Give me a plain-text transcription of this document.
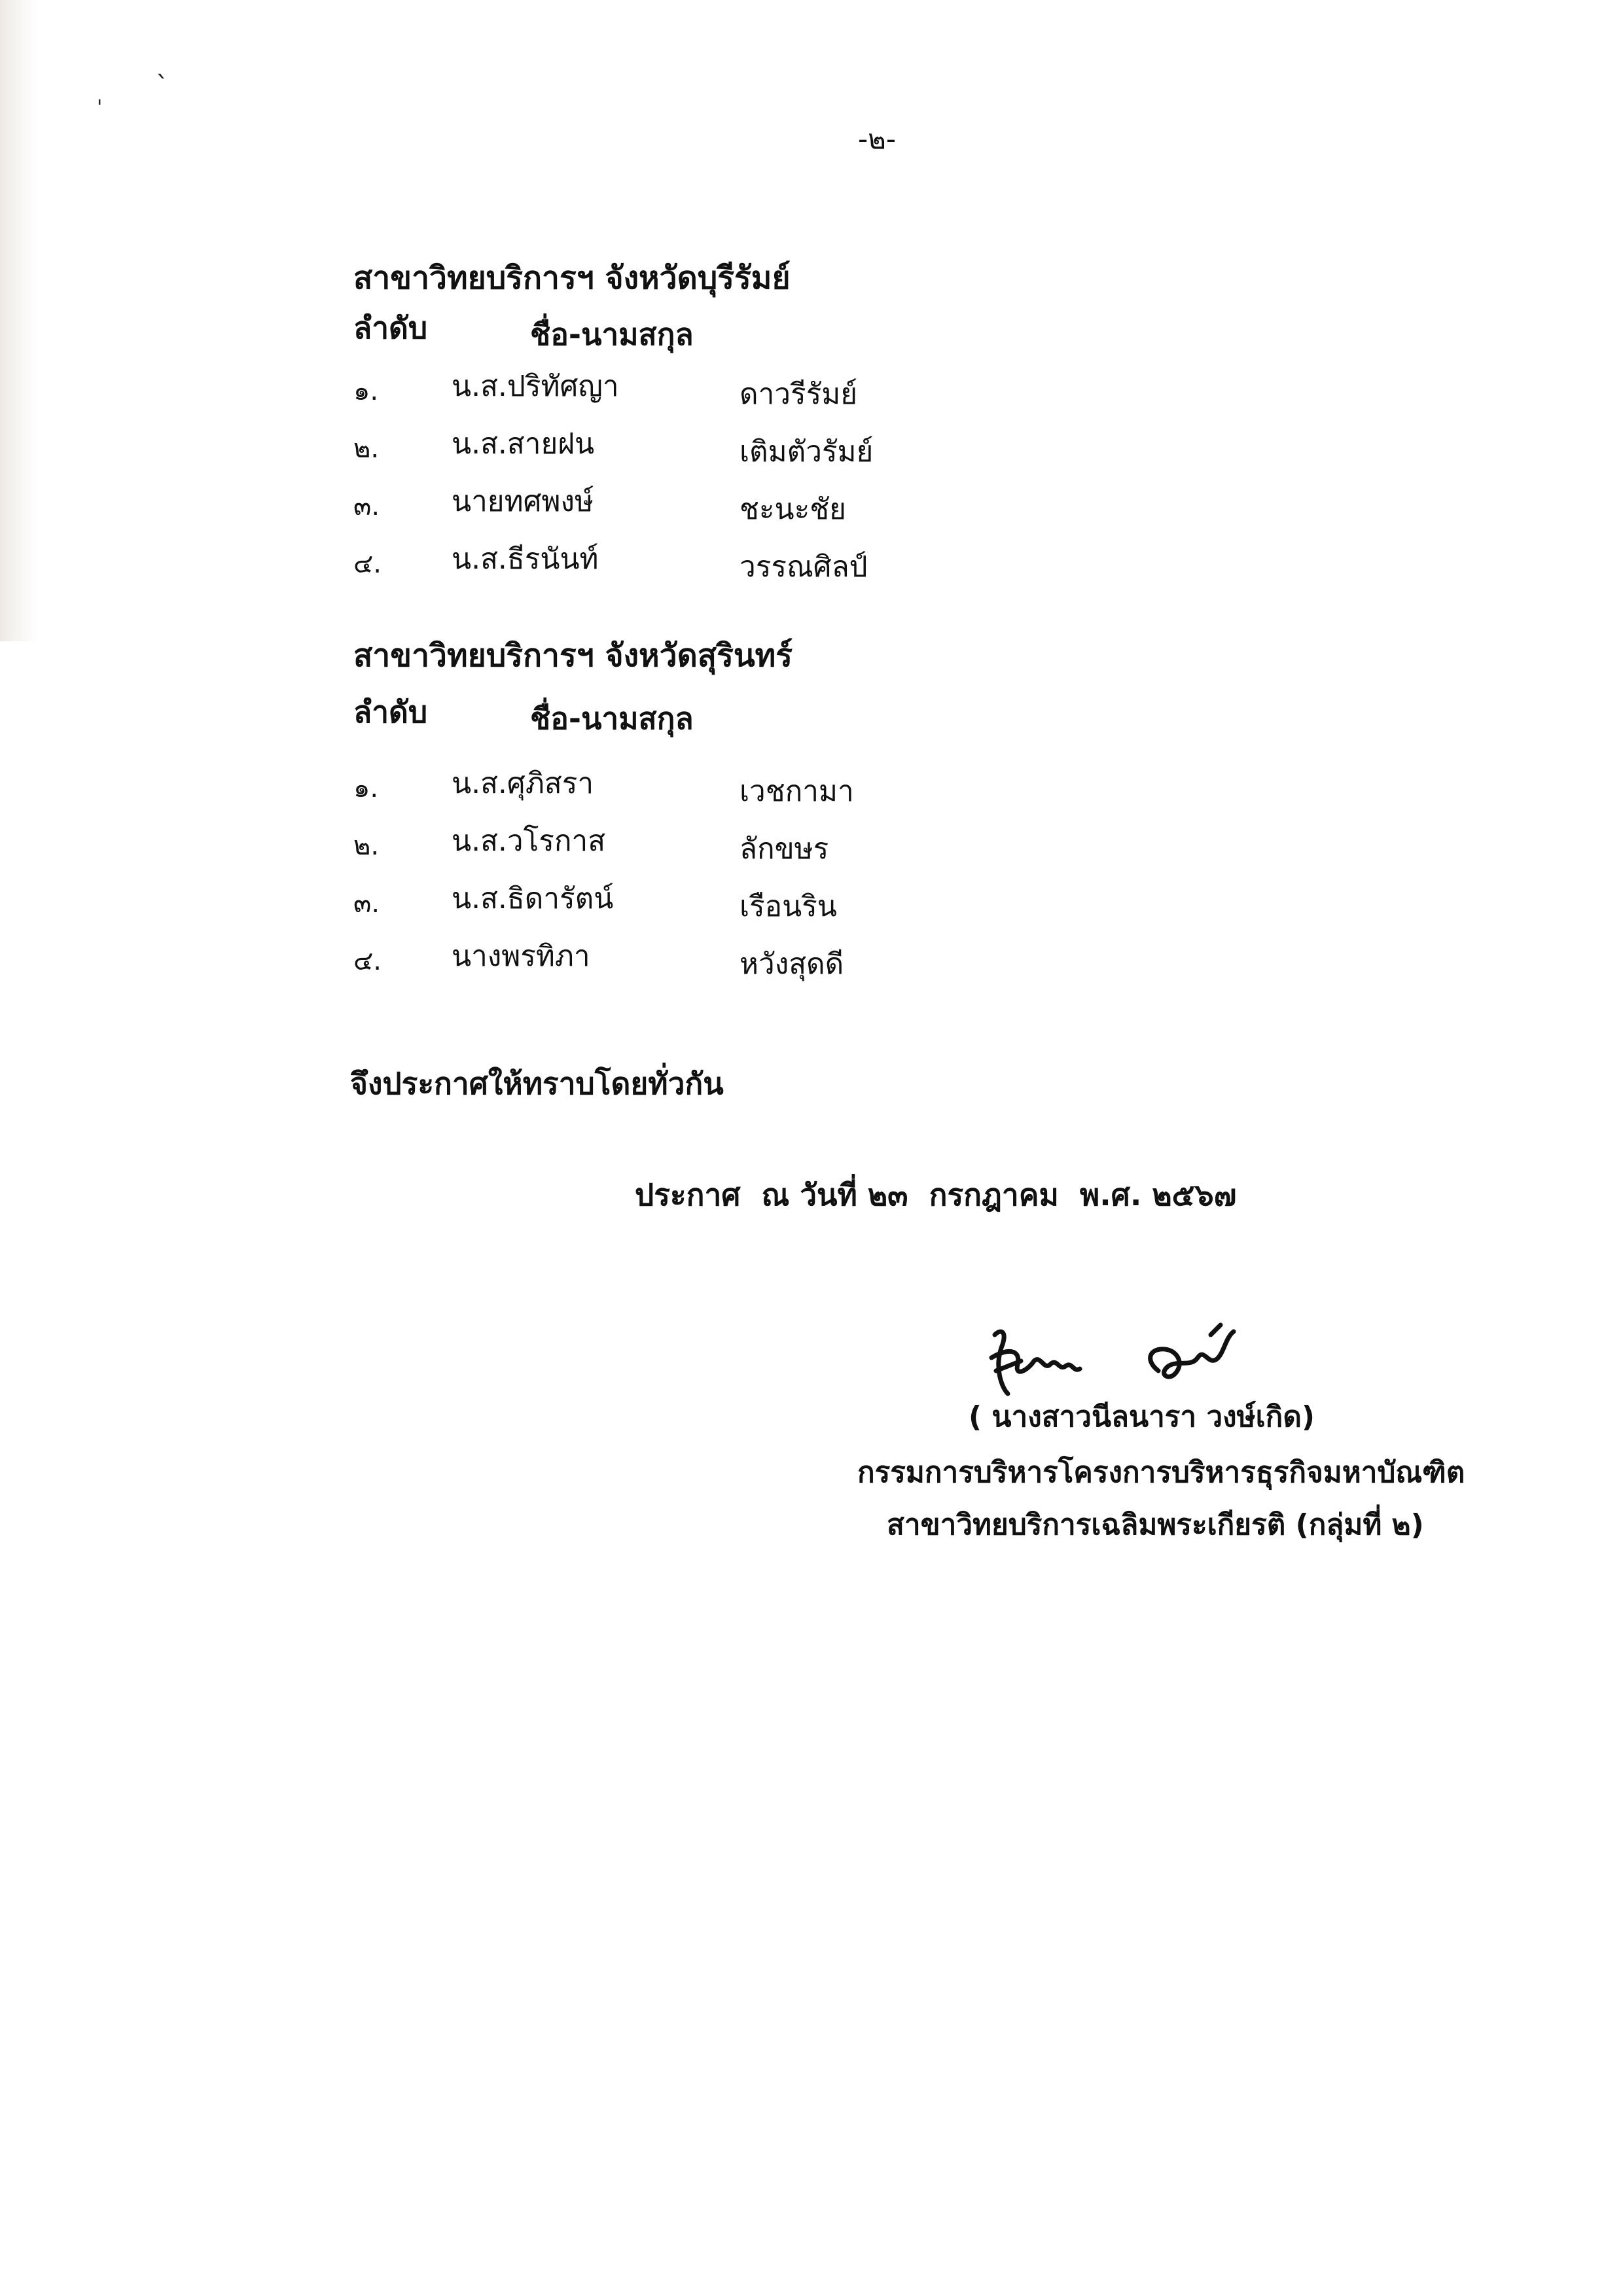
`
'
-๒-
สาขาวิทยบริการฯ จังหวัดบุรีรัมย์
ลำดับ	ชื่อ-นามสกุล
๑.	น.ส.ปริทัศญา	ดาวรีรัมย์
๒.	น.ส.สายฝน	เติมตัวรัมย์
๓. นายทศพงษ์	ชะนะชัย
๔. น.ส.ธีรนันท์	วรรณศิลป์
สาขาวิทยบริการฯ จังหวัดสุรินทร์
ลำดับ	ชื่อ-นามสกุล
๑.	น.ส.ศุภิสรา	เวชกามา
๒.	น.ส.วโรกาส	ลักขษร
๓. น.ส.ธิดารัตน์	เรือนริน
๔. นางพรทิภา	หวังสุดดี
จึงประกาศให้ทราบโดยทั่วกัน
ประกาศ  ณ วันที่ ๒๓  กรกฎาคม  พ.ศ. ๒๕๖๗
( นางสาวนีลนารา วงษ์เกิด)
กรรมการบริหารโครงการบริหารธุรกิจมหาบัณฑิต
สาขาวิทยบริการเฉลิมพระเกียรติ (กลุ่มที่ ๒)
